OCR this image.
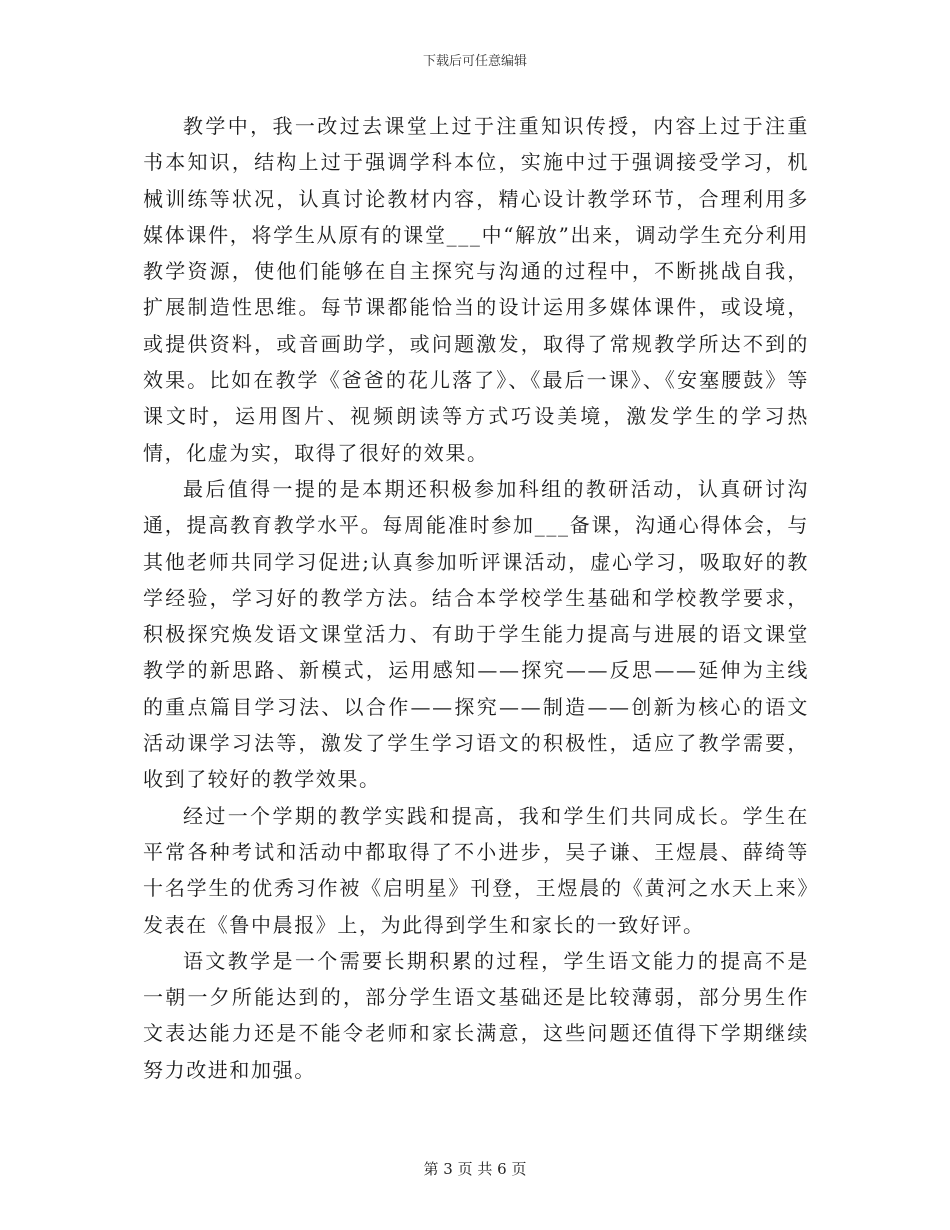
下载后可任意编辑

教学中，我一改过去课堂上过于注重知识传授，内容上过于注重书本知识，结构上过于强调学科本位，实施中过于强调接受学习，机械训练等状况，认真讨论教材内容，精心设计教学环节，合理利用多媒体课件，将学生从原有的课堂___中“解放”出来，调动学生充分利用教学资源，使他们能够在自主探究与沟通的过程中，不断挑战自我，扩展制造性思维。每节课都能恰当的设计运用多媒体课件，或设境，或提供资料，或音画助学，或问题激发，取得了常规教学所达不到的效果。比如在教学《爸爸的花儿落了》、《最后一课》、《安塞腰鼓》等课文时，运用图片、视频朗读等方式巧设美境，激发学生的学习热情，化虚为实，取得了很好的效果。

最后值得一提的是本期还积极参加科组的教研活动，认真研讨沟通，提高教育教学水平。每周能准时参加___备课，沟通心得体会，与其他老师共同学习促进;认真参加听评课活动，虚心学习，吸取好的教学经验，学习好的教学方法。结合本学校学生基础和学校教学要求，积极探究焕发语文课堂活力、有助于学生能力提高与进展的语文课堂教学的新思路、新模式，运用感知——探究——反思——延伸为主线的重点篇目学习法、以合作——探究——制造——创新为核心的语文活动课学习法等，激发了学生学习语文的积极性，适应了教学需要，收到了较好的教学效果。

经过一个学期的教学实践和提高，我和学生们共同成长。学生在平常各种考试和活动中都取得了不小进步，吴子谦、王煜晨、薛绮等十名学生的优秀习作被《启明星》刊登，王煜晨的《黄河之水天上来》发表在《鲁中晨报》上，为此得到学生和家长的一致好评。

语文教学是一个需要长期积累的过程，学生语文能力的提高不是一朝一夕所能达到的，部分学生语文基础还是比较薄弱，部分男生作文表达能力还是不能令老师和家长满意，这些问题还值得下学期继续努力改进和加强。

第 3 页 共 6 页
